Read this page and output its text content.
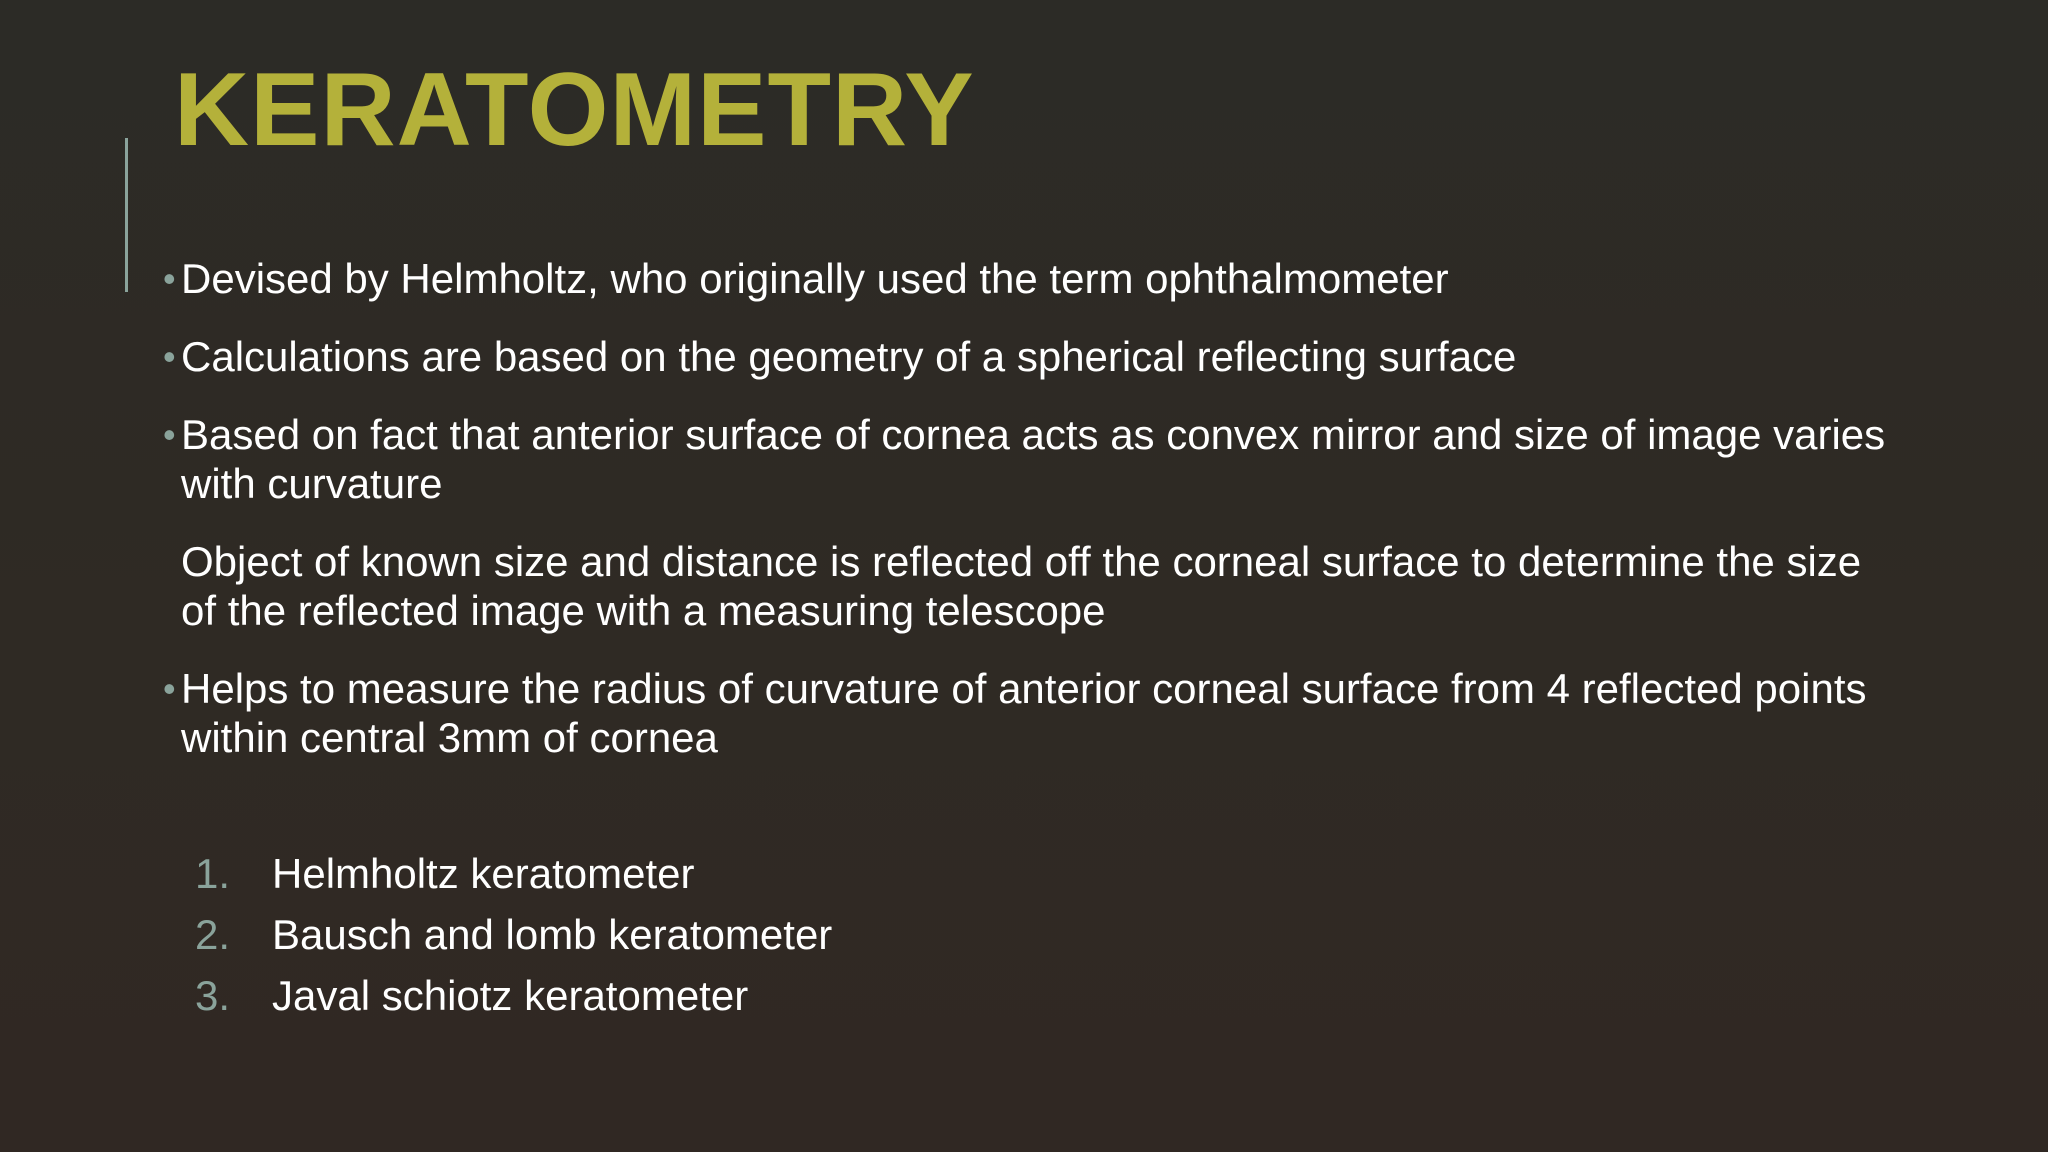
KERATOMETRY
• Devised by Helmholtz, who originally used the term ophthalmometer
• Calculations are based on the geometry of a spherical reflecting surface
• Based on fact that anterior surface of cornea acts as convex mirror and size of image varies with curvature
Object of known size and distance is reflected off the corneal surface to determine the size of the reflected image with a measuring telescope
• Helps to measure the radius of curvature of anterior corneal surface from 4 reflected points within central 3mm of cornea
1. Helmholtz keratometer
2. Bausch and lomb keratometer
3. Javal schiotz keratometer
